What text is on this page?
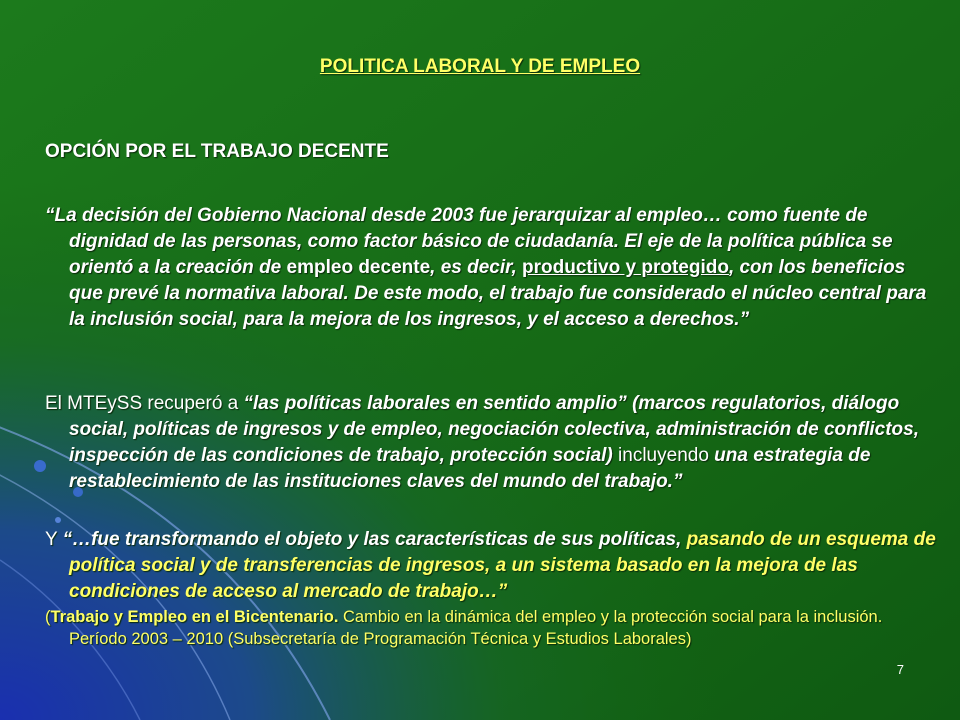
POLITICA LABORAL Y DE EMPLEO
OPCIÓN POR EL TRABAJO DECENTE
“La decisión del Gobierno Nacional desde 2003 fue jerarquizar al empleo… como fuente de dignidad de las personas, como factor básico de ciudadanía. El eje de la política pública se orientó a la creación de empleo decente, es decir, productivo y protegido, con los beneficios que prevé la normativa laboral. De este modo, el trabajo fue considerado el núcleo central para la inclusión social, para la mejora de los ingresos, y el acceso a derechos.”
El MTEySS recuperó a “las políticas laborales en sentido amplio” (marcos regulatorios, diálogo social, políticas de ingresos y de empleo, negociación colectiva, administración de conflictos, inspección de las condiciones de trabajo, protección social) incluyendo una estrategia de restablecimiento de las instituciones claves del mundo del trabajo.”
Y “…fue transformando el objeto y las características de sus políticas, pasando de un esquema de política social y de transferencias de ingresos, a un sistema basado en la mejora de las condiciones de acceso al mercado de trabajo…”
(Trabajo y Empleo en el Bicentenario. Cambio en la dinámica del empleo y la protección social para la inclusión. Período 2003 – 2010 (Subsecretaría de Programación Técnica y Estudios Laborales)
7
